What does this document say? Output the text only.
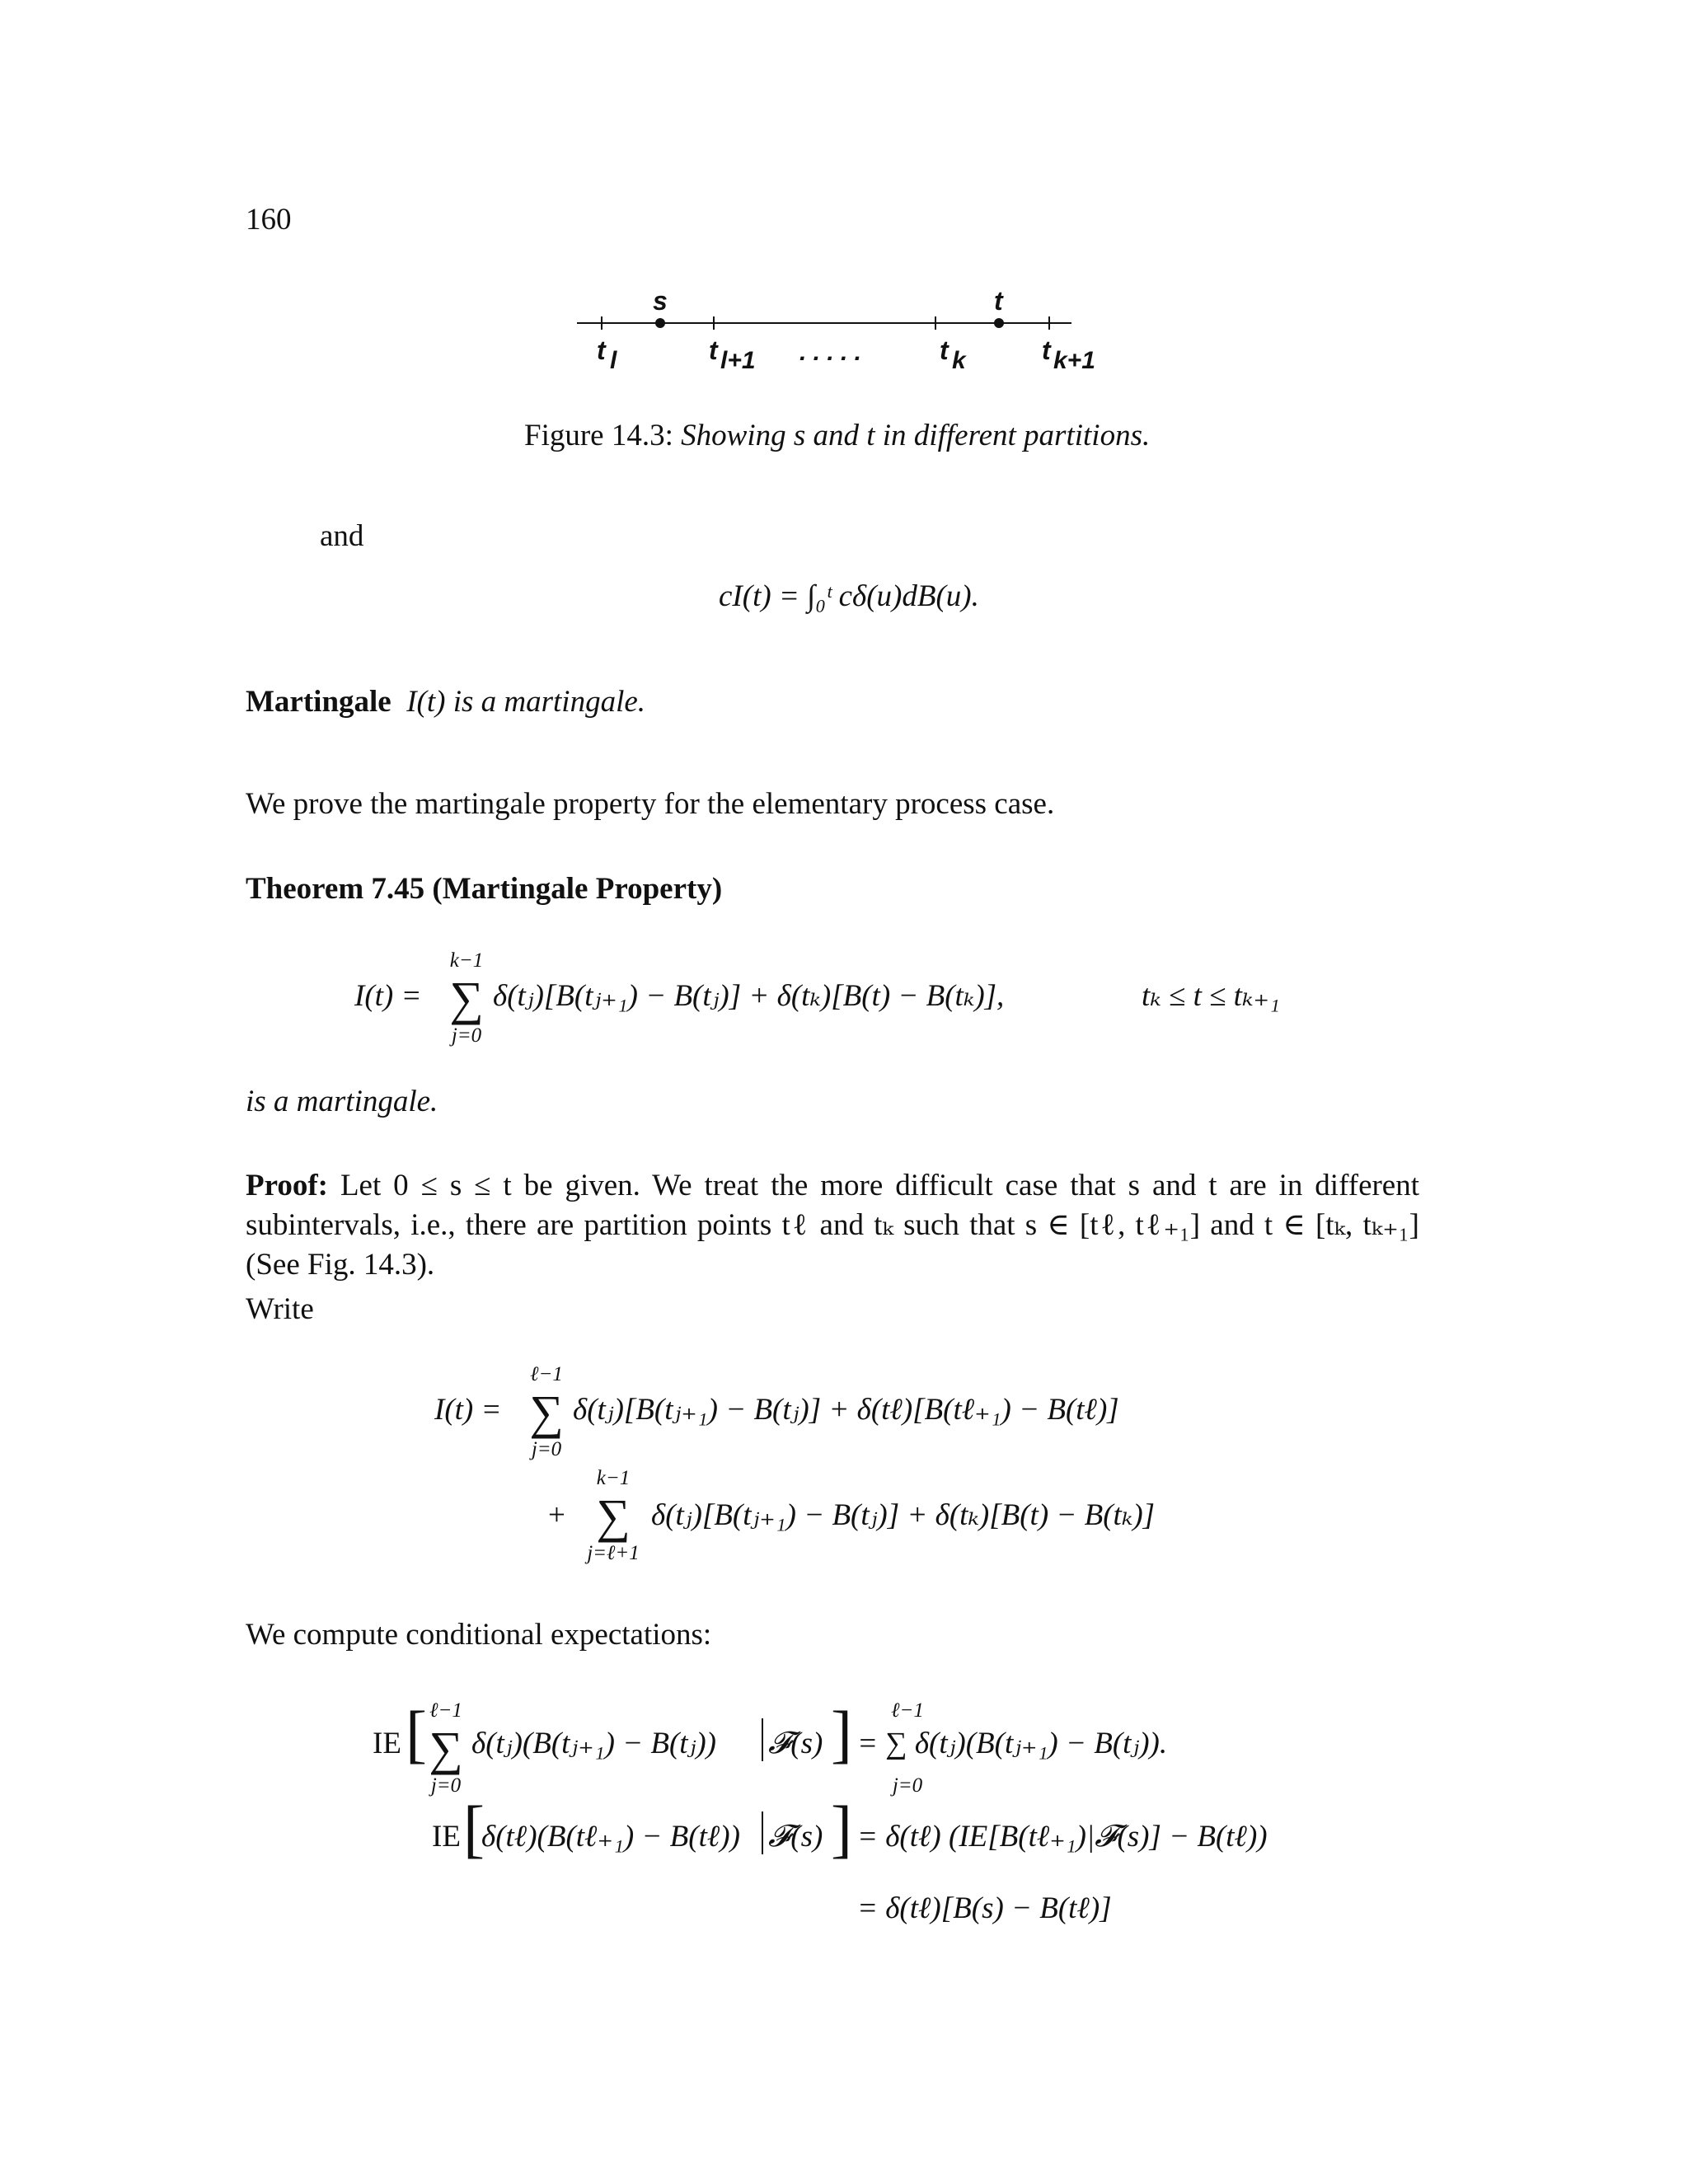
160
s	t
t l	t l+1 . . . . .	t k	t k+1
Figure 14.3: Showing s and t in different partitions.
and
cI(t) = ∫₀ᵗ cδ(u)dB(u).
Martingale I(t) is a martingale.
We prove the martingale property for the elementary process case.
Theorem 7.45 (Martingale Property)
I(t) =
k−1
∑
j=0
δ(tⱼ)[B(tⱼ₊₁) − B(tⱼ)] + δ(tₖ)[B(t) − B(tₖ)],	tₖ ≤ t ≤ tₖ₊₁
is a martingale.
Proof: Let 0 ≤ s ≤ t be given. We treat the more difficult case that s and t are in different subintervals, i.e., there are partition points tℓ and tₖ such that s ∈ [tℓ, tℓ₊₁] and t ∈ [tₖ, tₖ₊₁] (See Fig. 14.3).
Write
I(t) =
ℓ−1
∑
j=0
δ(tⱼ)[B(tⱼ₊₁) − B(tⱼ)] + δ(tℓ)[B(tℓ₊₁) − B(tℓ)]
+
k−1
∑
j=ℓ+1
δ(tⱼ)[B(tⱼ₊₁) − B(tⱼ)] + δ(tₖ)[B(t) − B(tₖ)]
We compute conditional expectations:
IE [ ℓ−1
∑
j=0
δ(tⱼ)(B(tⱼ₊₁) − B(tⱼ)) 𝓕(s) ]	ℓ−1
j=0
= ∑ δ(tⱼ)(B(tⱼ₊₁) − B(tⱼ)).
IE [
δ(tℓ)(B(tℓ₊₁) − B(tℓ)) 𝓕(s) ] = δ(tℓ) (IE[B(tℓ₊₁)|𝓕(s)] − B(tℓ))
= δ(tℓ)[B(s) − B(tℓ)]
